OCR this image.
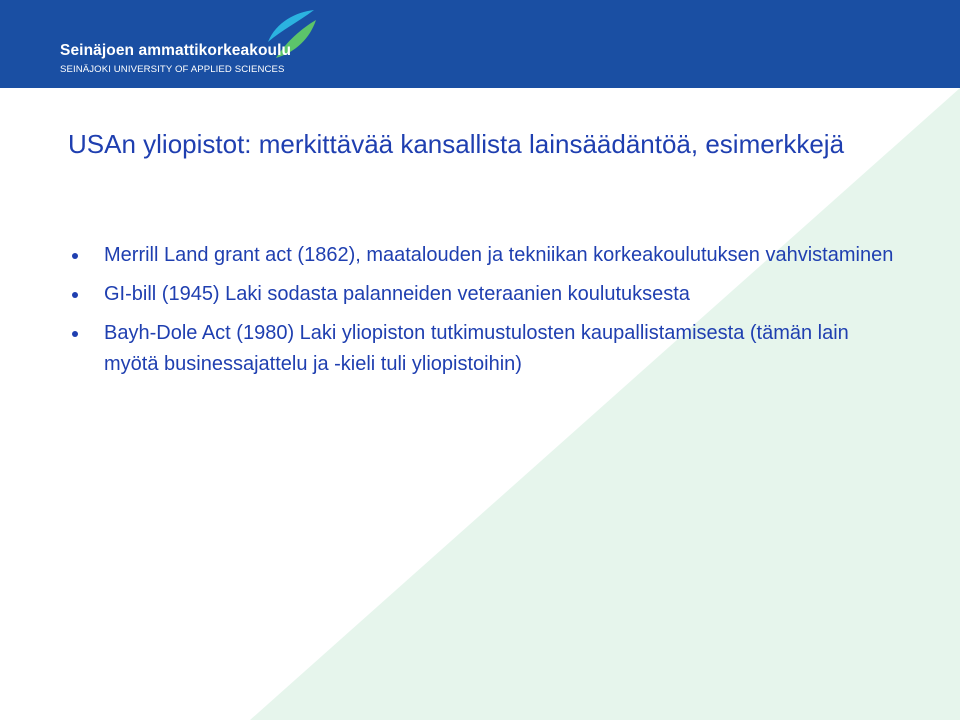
Seinäjoen ammattikorkeakoulu
SEINÄJOKI UNIVERSITY OF APPLIED SCIENCES
USAn yliopistot: merkittävää kansallista lainsäädäntöä, esimerkkejä
Merrill Land grant act (1862), maatalouden ja tekniikan korkeakoulutuksen vahvistaminen
GI-bill (1945) Laki sodasta palanneiden veteraanien koulutuksesta
Bayh-Dole Act (1980) Laki yliopiston tutkimustulosten kaupallistamisesta (tämän lain myötä businessajattelu ja -kieli tuli yliopistoihin)
